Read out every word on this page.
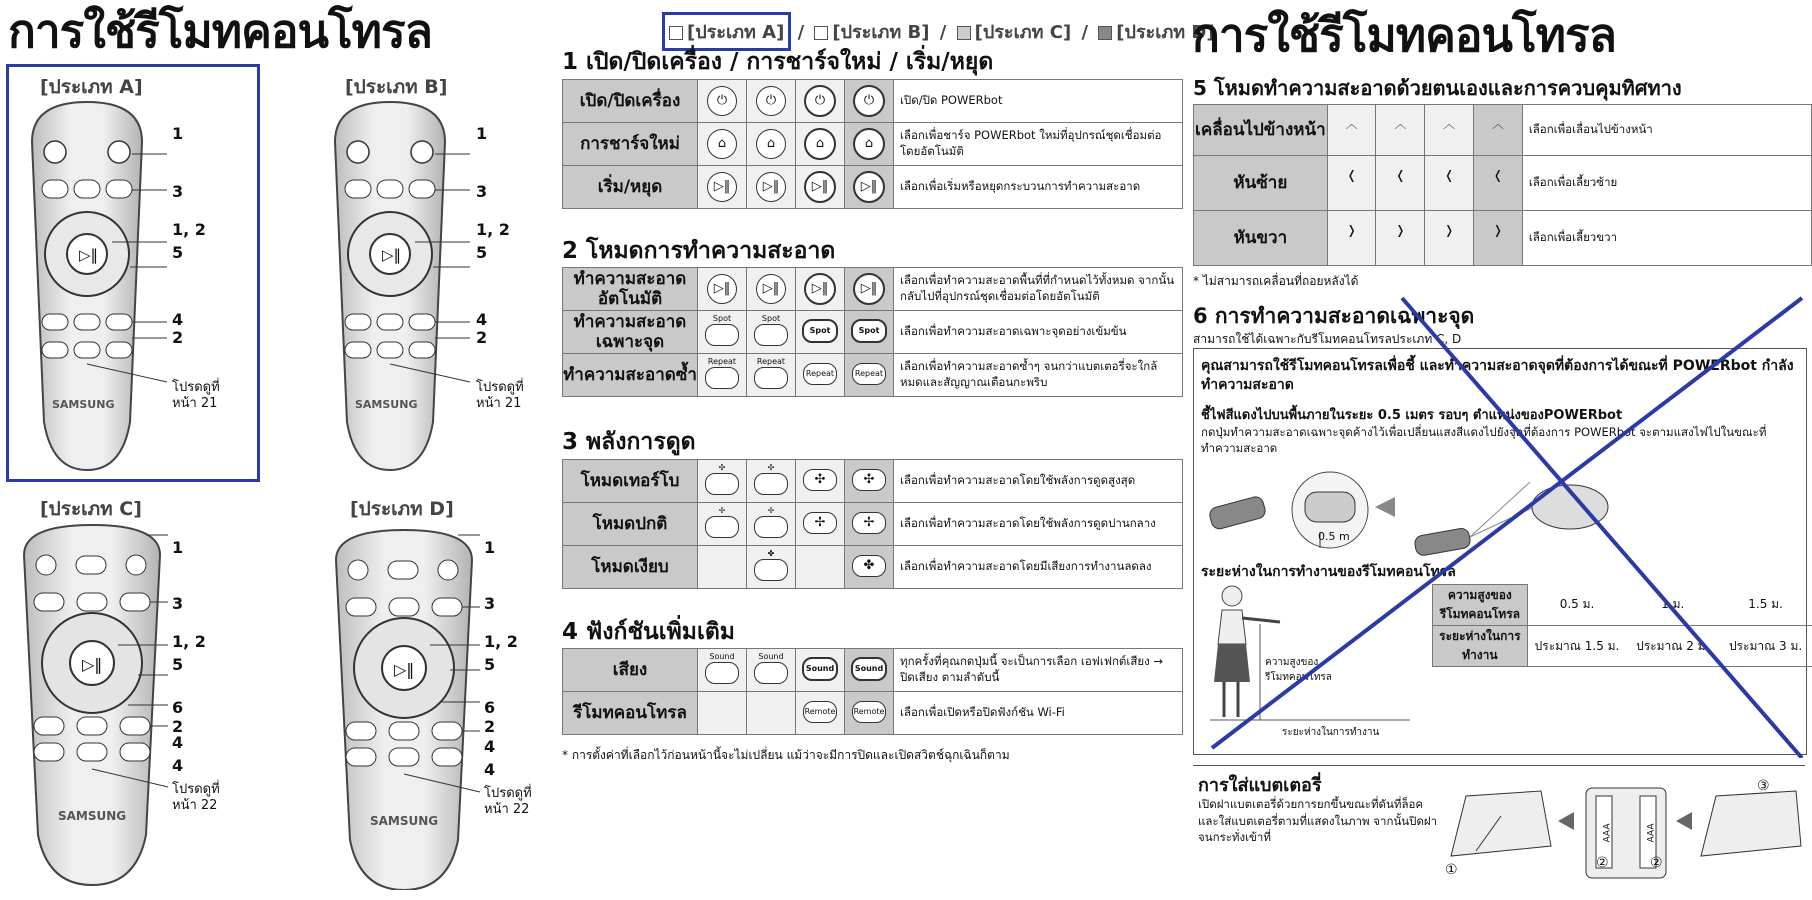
การใช้รีโมทคอนโทรล
▷‖
SAMSUNG
▷‖
SAMSUNG
▷‖
SAMSUNG
▷‖
SAMSUNG
[ประเภท A]	[ประเภท B]
[ประเภท C]	[ประเภท D]
1
3
1, 2
5
4
2
โปรดดูที่หน้า 21
1
3
1, 2
5
4
2
โปรดดูที่หน้า 21
1
3
1, 2
5
6
2
4
4
โปรดดูที่หน้า 22
1
3
1, 2
5
6
2
4
4
โปรดดูที่หน้า 22
[ประเภท A] / [ประเภท B] / [ประเภท C] / [ประเภท D]
1 เปิด/ปิดเครื่อง / การชาร์จใหม่ / เริ่ม/หยุด
เปิด/ปิดเครื่อง	⏻	⏻	⏻	⏻	เปิด/ปิด POWERbot
การชาร์จใหม่	⌂	⌂	⌂	⌂	เลือกเพื่อชาร์จ POWERbot ใหม่ที่อุปกรณ์ชุดเชื่อมต่อโดยอัตโนมัติ
เริ่ม/หยุด	▷‖	▷‖	▷‖	▷‖	เลือกเพื่อเริ่มหรือหยุดกระบวนการทำความสะอาด
2 โหมดการทำความสะอาด
ทำความสะอาดอัตโนมัติ	▷‖	▷‖	▷‖	▷‖	เลือกเพื่อทำความสะอาดพื้นที่ที่กำหนดไว้ทั้งหมด จากนั้นกลับไปที่อุปกรณ์ชุดเชื่อมต่อโดยอัตโนมัติ
ทำความสะอาดเฉพาะจุด	Spot	Spot	Spot	Spot	เลือกเพื่อทำความสะอาดเฉพาะจุดอย่างเข้มข้น
ทำความสะอาดซ้ำ	Repeat	Repeat	Repeat	Repeat	เลือกเพื่อทำความสะอาดซ้ำๆ จนกว่าแบตเตอรี่จะใกล้หมดและสัญญาณเตือนกะพริบ
3 พลังการดูด
โหมดเทอร์โบ	✣	✣	✣	✣	เลือกเพื่อทำความสะอาดโดยใช้พลังการดูดสูงสุด
โหมดปกติ	✢	✢	✢	✢	เลือกเพื่อทำความสะอาดโดยใช้พลังการดูดปานกลาง
โหมดเงียบ		✤		✤	เลือกเพื่อทำความสะอาดโดยมีเสียงการทำงานลดลง
4 ฟังก์ชันเพิ่มเติม
เสียง	Sound	Sound	Sound	Sound	ทุกครั้งที่คุณกดปุ่มนี้ จะเป็นการเลือก เอฟเฟกต์เสียง → ปิดเสียง ตามลำดับนี้
รีโมทคอนโทรล			Remote	Remote	เลือกเพื่อเปิดหรือปิดฟังก์ชัน Wi-Fi
* การตั้งค่าที่เลือกไว้ก่อนหน้านี้จะไม่เปลี่ยน แม้ว่าจะมีการปิดและเปิดสวิตช์ฉุกเฉินก็ตาม
การใช้รีโมทคอนโทรล
5 โหมดทำความสะอาดด้วยตนเองและการควบคุมทิศทาง
เคลื่อนไปข้างหน้า	︿	︿	︿	︿	เลือกเพื่อเลื่อนไปข้างหน้า
หันซ้าย	❬	❬	❬	❬	เลือกเพื่อเลี้ยวซ้าย
หันขวา	❭	❭	❭	❭	เลือกเพื่อเลี้ยวขวา
* ไม่สามารถเคลื่อนที่ถอยหลังได้
6 การทำความสะอาดเฉพาะจุด
สามารถใช้ได้เฉพาะกับรีโมทคอนโทรลประเภท C, D
คุณสามารถใช้รีโมทคอนโทรลเพื่อชี้ และทำความสะอาดจุดที่ต้องการได้ขณะที่ POWERbot กำลังทำความสะอาด
ชี้ไฟสีแดงไปบนพื้นภายในระยะ 0.5 เมตร รอบๆ ตำแหน่งของPOWERbot
กดปุ่มทำความสะอาดเฉพาะจุดค้างไว้เพื่อเปลี่ยนแสงสีแดงไปยังจุดที่ต้องการ POWERbot จะตามแสงไฟไปในขณะที่ทำความสะอาด
0.5 m
ระยะห่างในการทำงานของรีโมทคอนโทรล
ความสูงของรีโมทคอนโทรล
ระยะห่างในการทำงาน
ความสูงของรีโมทคอนโทรล	0.5 ม.	1 ม.	1.5 ม.
ระยะห่างในการทำงาน	ประมาณ 1.5 ม.	ประมาณ 2 ม.	ประมาณ 3 ม.
การใส่แบตเตอรี่
เปิดฝาแบตเตอรี่ด้วยการยกขึ้นขณะที่ดันที่ล็อค และใส่แบตเตอรี่ตามที่แสดงในภาพ จากนั้นปิดฝาจนกระทั่งเข้าที่
①	②	②
③
AAA	AAA
